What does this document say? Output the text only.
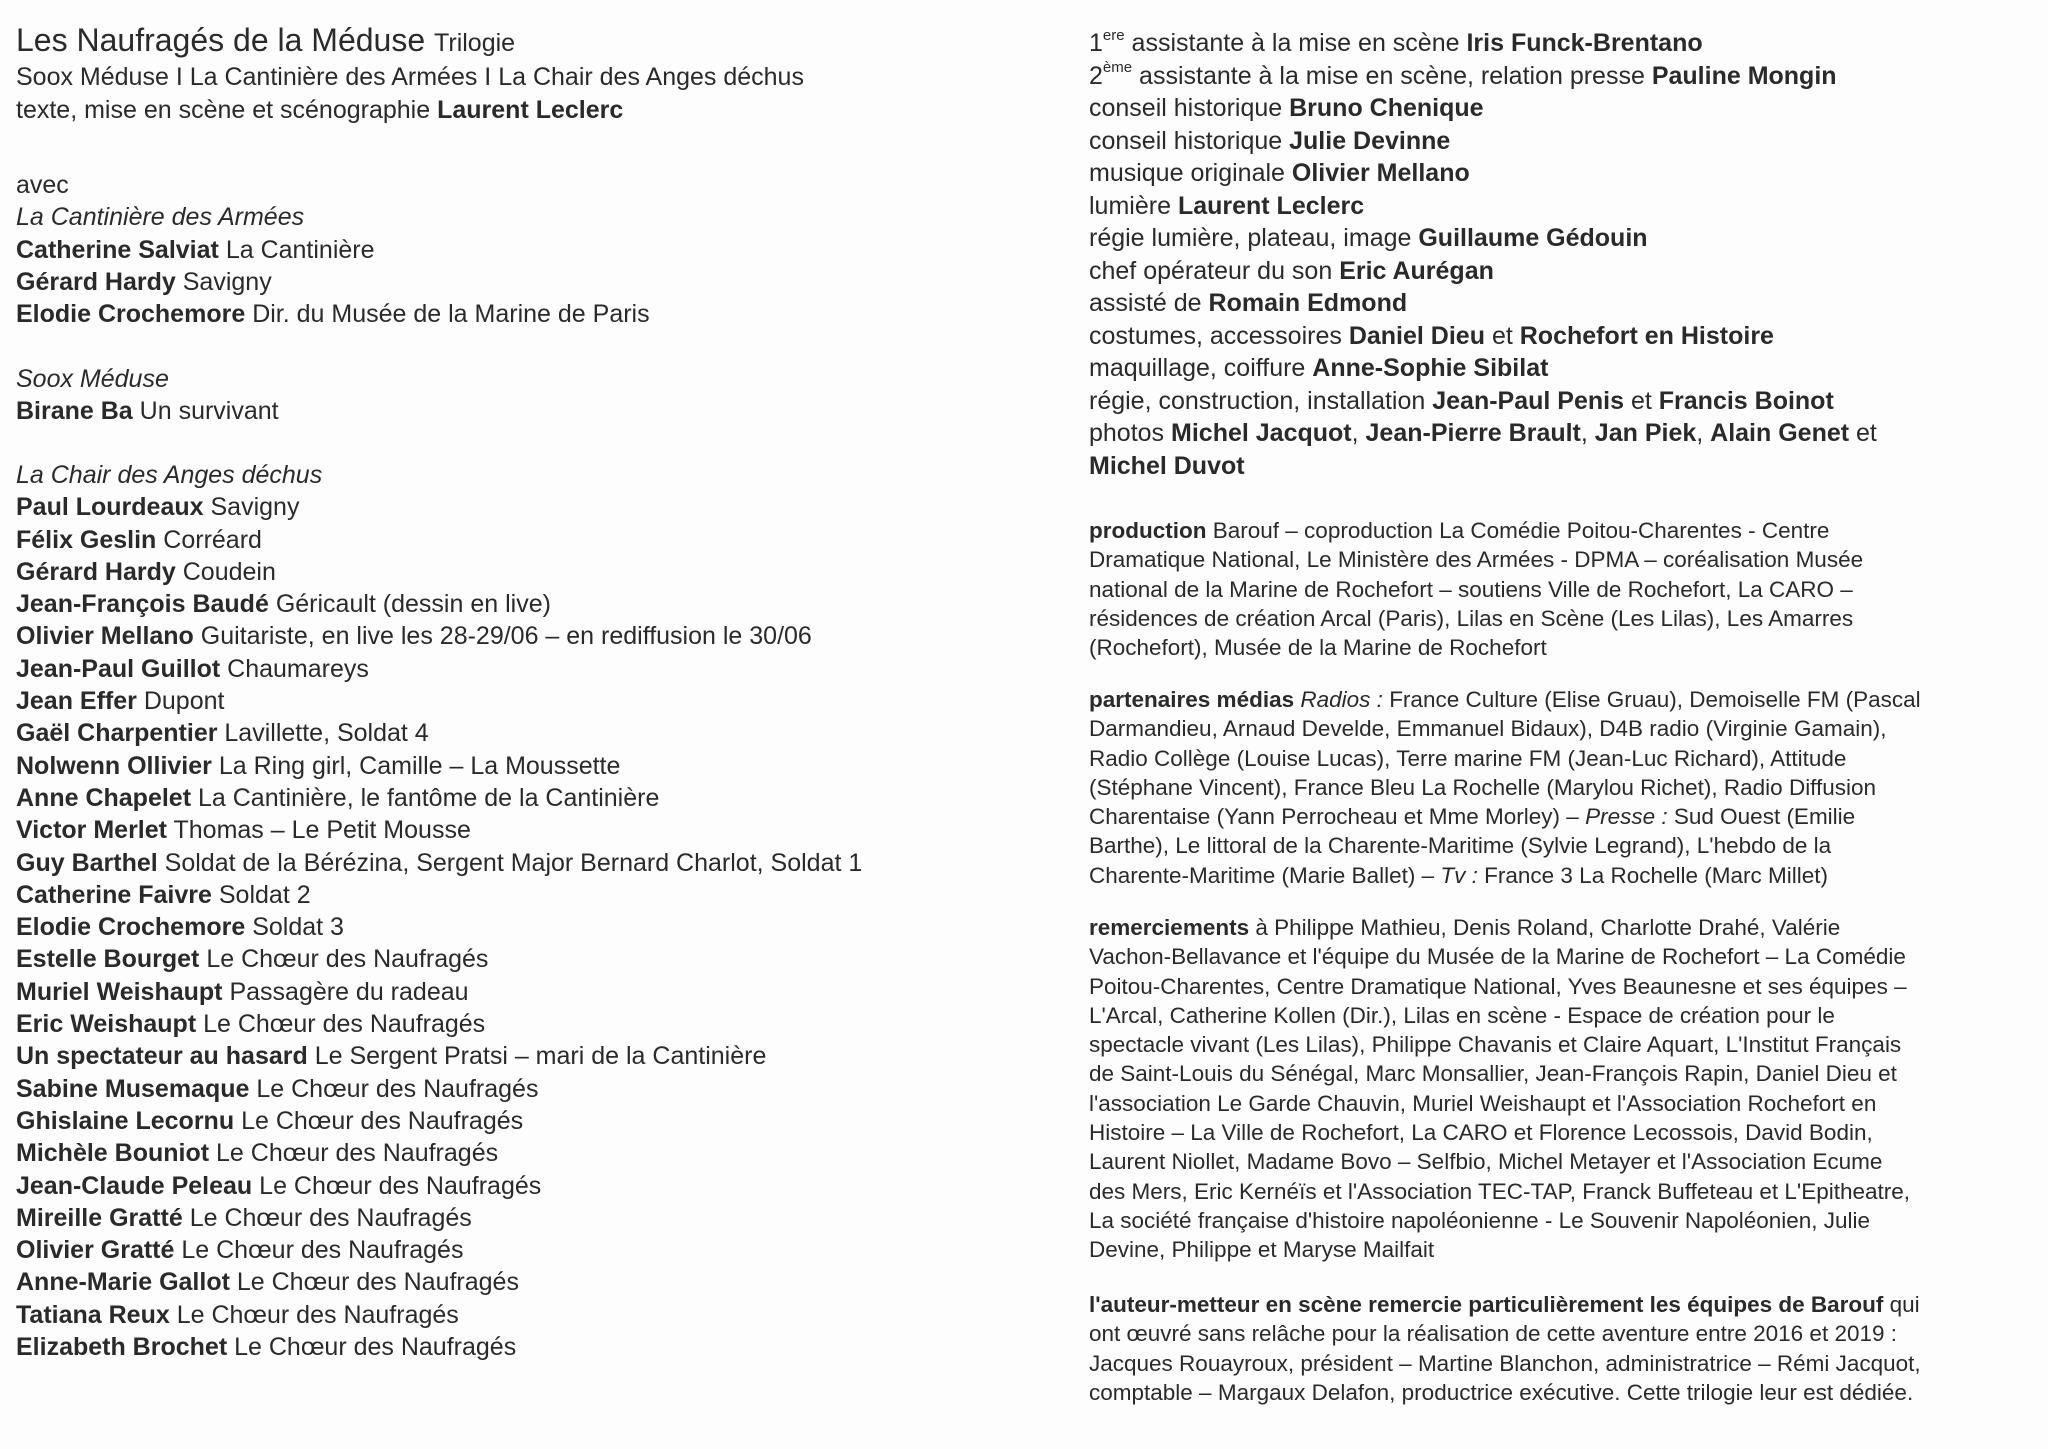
Les Naufragés de la Méduse Trilogie
Soox Méduse I La Cantinière des Armées I La Chair des Anges déchus
texte, mise en scène et scénographie Laurent Leclerc
avec
La Cantinière des Armées
Catherine Salviat La Cantinière
Gérard Hardy Savigny
Elodie Crochemore Dir. du Musée de la Marine de Paris
Soox Méduse
Birane Ba Un survivant
La Chair des Anges déchus
Paul Lourdeaux Savigny
Félix Geslin Corréard
Gérard Hardy Coudein
Jean-François Baudé Géricault (dessin en live)
Olivier Mellano Guitariste, en live les 28-29/06 – en rediffusion le 30/06
Jean-Paul Guillot Chaumareys
Jean Effer Dupont
Gaël Charpentier Lavillette, Soldat 4
Nolwenn Ollivier La Ring girl, Camille – La Moussette
Anne Chapelet La Cantinière, le fantôme de la Cantinière
Victor Merlet Thomas – Le Petit Mousse
Guy Barthel Soldat de la Bérézina, Sergent Major Bernard Charlot, Soldat 1
Catherine Faivre Soldat 2
Elodie Crochemore Soldat 3
Estelle Bourget Le Chœur des Naufragés
Muriel Weishaupt Passagère du radeau
Eric Weishaupt Le Chœur des Naufragés
Un spectateur au hasard Le Sergent Pratsi – mari de la Cantinière
Sabine Musemaque Le Chœur des Naufragés
Ghislaine Lecornu Le Chœur des Naufragés
Michèle Bouniot Le Chœur des Naufragés
Jean-Claude Peleau Le Chœur des Naufragés
Mireille Gratté Le Chœur des Naufragés
Olivier Gratté Le Chœur des Naufragés
Anne-Marie Gallot Le Chœur des Naufragés
Tatiana Reux Le Chœur des Naufragés
Elizabeth Brochet Le Chœur des Naufragés
1ere assistante à la mise en scène Iris Funck-Brentano
2ème assistante à la mise en scène, relation presse Pauline Mongin
conseil historique Bruno Chenique
conseil historique Julie Devinne
musique originale Olivier Mellano
lumière Laurent Leclerc
régie lumière, plateau, image Guillaume Gédouin
chef opérateur du son Eric Aurégan
assisté de Romain Edmond
costumes, accessoires Daniel Dieu et Rochefort en Histoire
maquillage, coiffure Anne-Sophie Sibilat
régie, construction, installation Jean-Paul Penis et Francis Boinot
photos Michel Jacquot, Jean-Pierre Brault, Jan Piek, Alain Genet et
Michel Duvot
production Barouf – coproduction La Comédie Poitou-Charentes - Centre
Dramatique National, Le Ministère des Armées - DPMA – coréalisation Musée
national de la Marine de Rochefort – soutiens Ville de Rochefort, La CARO –
résidences de création Arcal (Paris), Lilas en Scène (Les Lilas), Les Amarres
(Rochefort), Musée de la Marine de Rochefort
partenaires médias Radios : France Culture (Elise Gruau), Demoiselle FM (Pascal
Darmandieu, Arnaud Develde, Emmanuel Bidaux), D4B radio (Virginie Gamain),
Radio Collège (Louise Lucas), Terre marine FM (Jean-Luc Richard), Attitude
(Stéphane Vincent), France Bleu La Rochelle (Marylou Richet), Radio Diffusion
Charentaise (Yann Perrocheau et Mme Morley) – Presse : Sud Ouest (Emilie
Barthe), Le littoral de la Charente-Maritime (Sylvie Legrand), L'hebdo de la
Charente-Maritime (Marie Ballet) – Tv : France 3 La Rochelle (Marc Millet)
remerciements à Philippe Mathieu, Denis Roland, Charlotte Drahé, Valérie
Vachon-Bellavance et l'équipe du Musée de la Marine de Rochefort – La Comédie
Poitou-Charentes, Centre Dramatique National, Yves Beaunesne et ses équipes –
L'Arcal, Catherine Kollen (Dir.), Lilas en scène - Espace de création pour le
spectacle vivant (Les Lilas), Philippe Chavanis et Claire Aquart, L'Institut Français
de Saint-Louis du Sénégal, Marc Monsallier, Jean-François Rapin, Daniel Dieu et
l'association Le Garde Chauvin, Muriel Weishaupt et l'Association Rochefort en
Histoire – La Ville de Rochefort, La CARO et Florence Lecossois, David Bodin,
Laurent Niollet, Madame Bovo – Selfbio, Michel Metayer et l'Association Ecume
des Mers, Eric Kernéïs et l'Association TEC-TAP, Franck Buffeteau et L'Epitheatre,
La société française d'histoire napoléonienne - Le Souvenir Napoléonien, Julie
Devine, Philippe et Maryse Mailfait
l'auteur-metteur en scène remercie particulièrement les équipes de Barouf qui
ont œuvré sans relâche pour la réalisation de cette aventure entre 2016 et 2019 :
Jacques Rouayroux, président – Martine Blanchon, administratrice – Rémi Jacquot,
comptable – Margaux Delafon, productrice exécutive. Cette trilogie leur est dédiée.
